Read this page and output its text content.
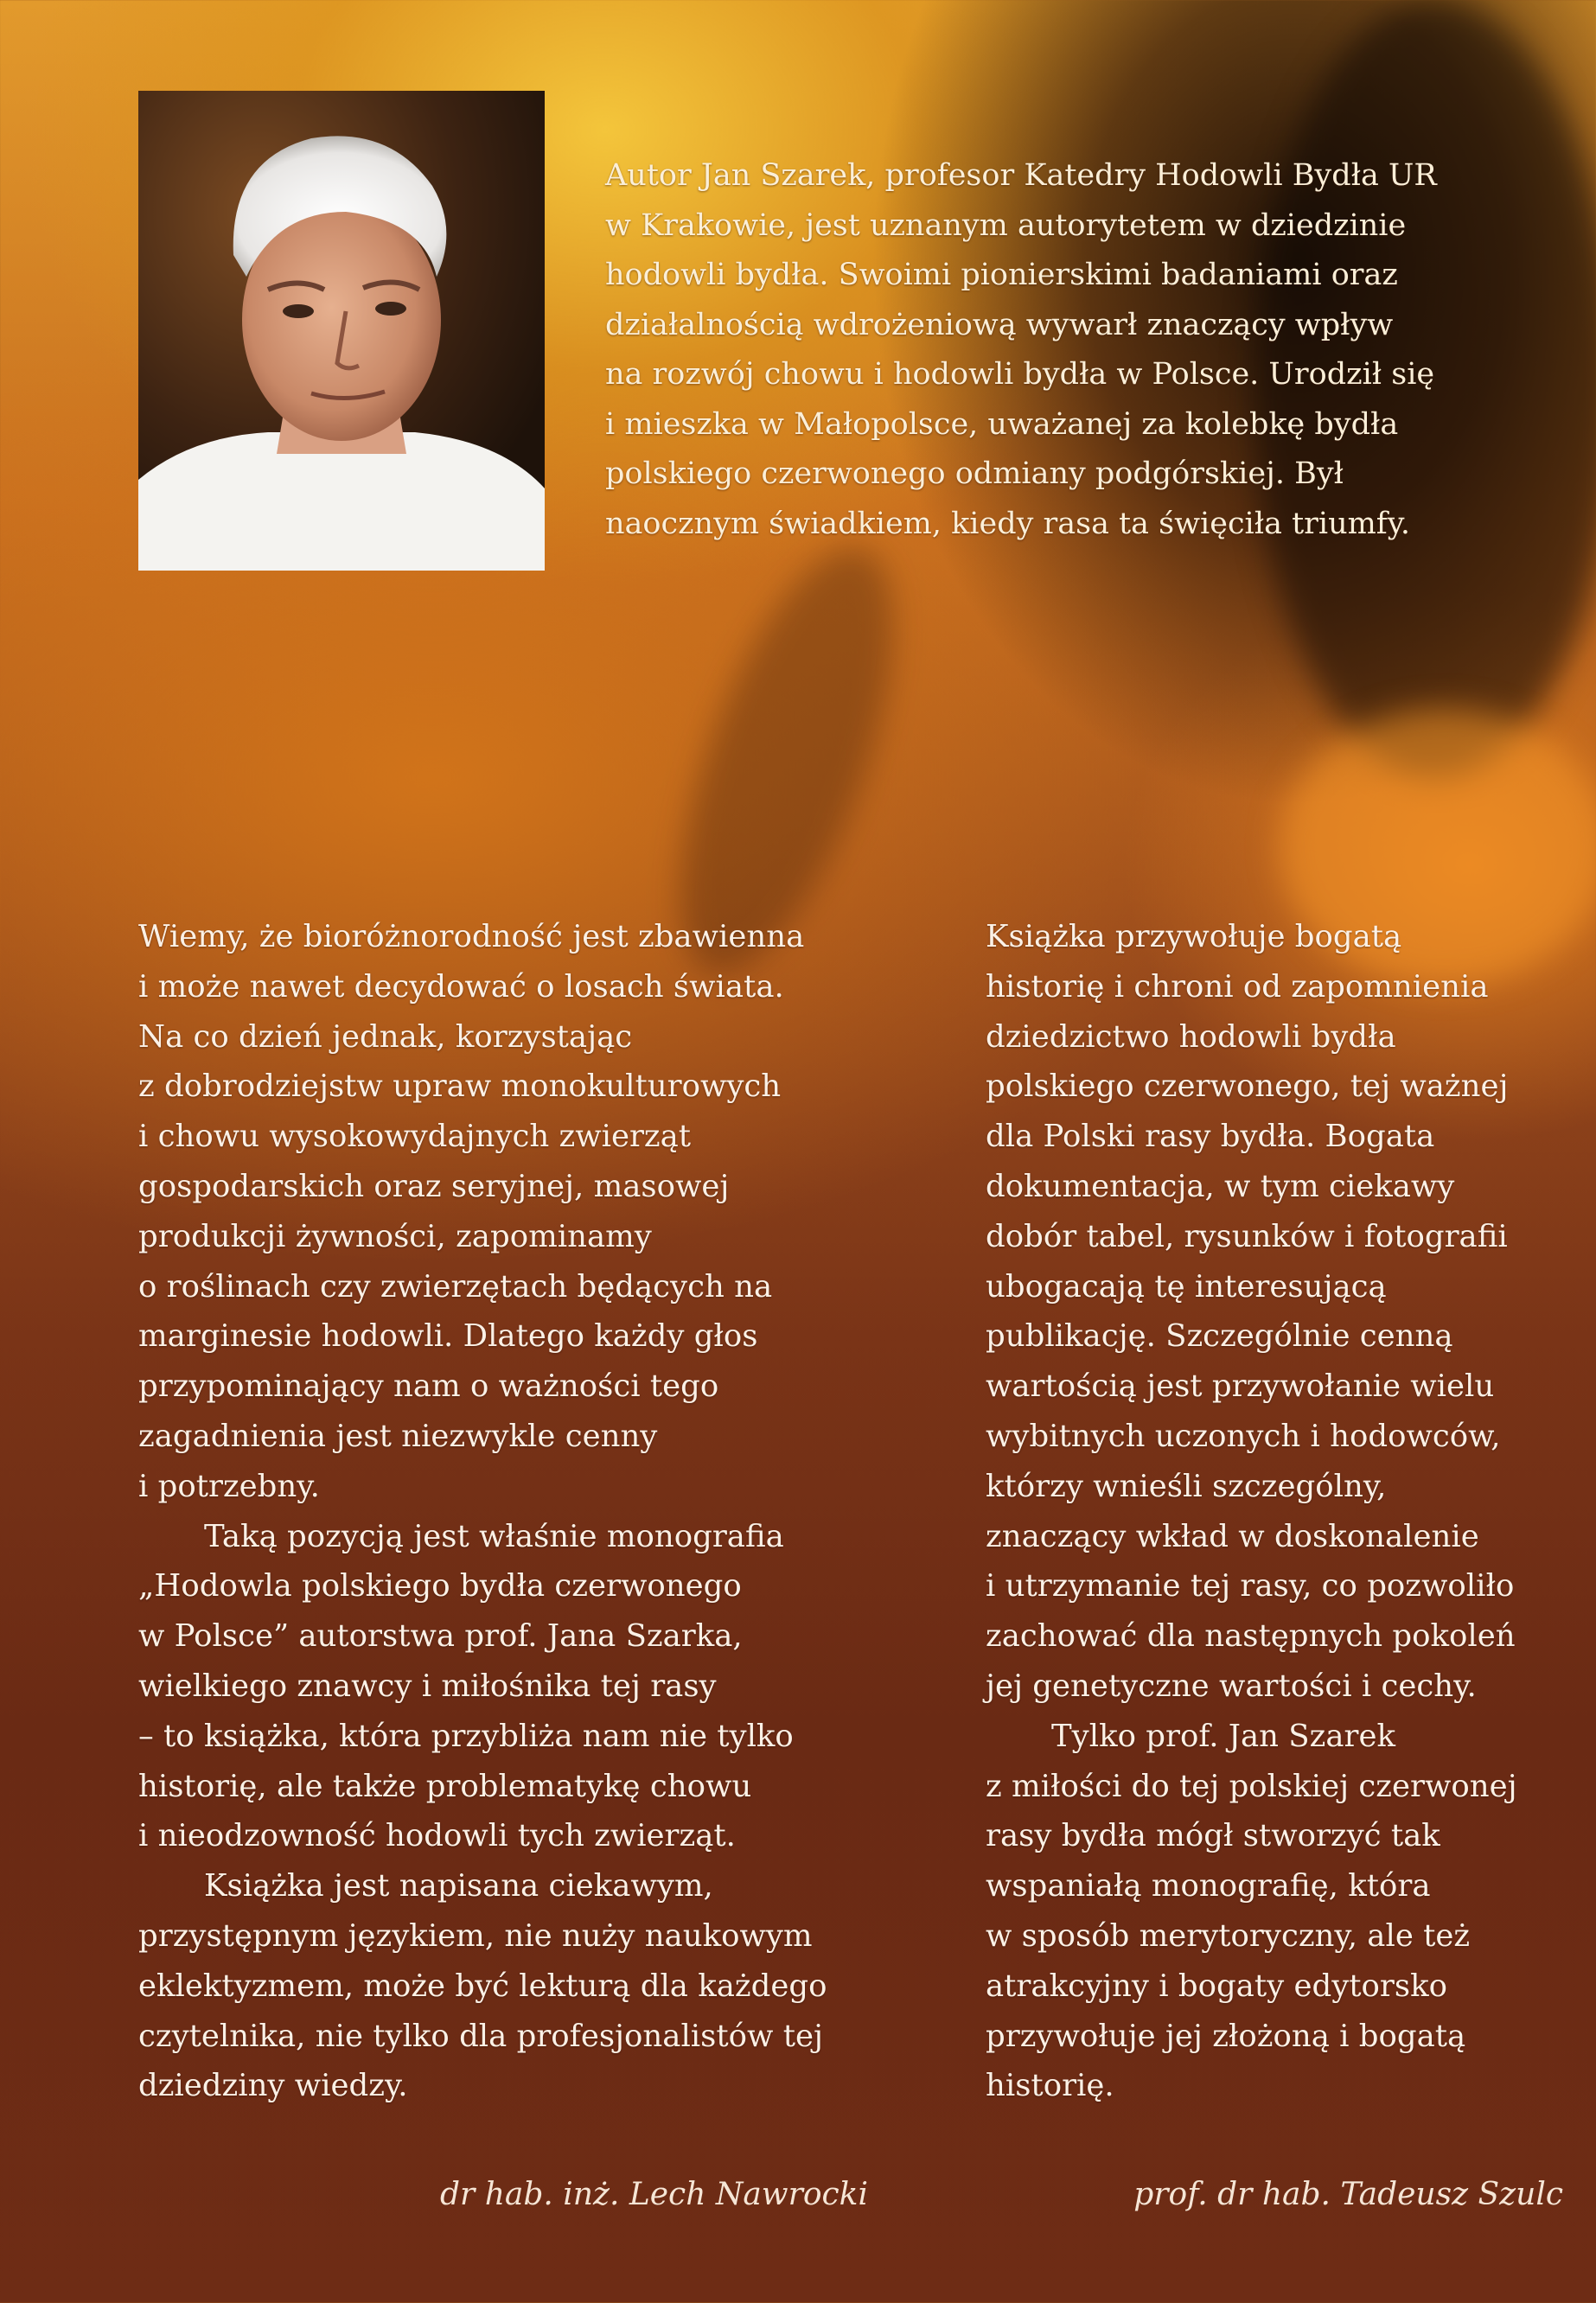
Autor Jan Szarek, profesor Katedry Hodowli Bydła UR
w Krakowie, jest uznanym autorytetem w dziedzinie
hodowli bydła. Swoimi pionierskimi badaniami oraz
działalnością wdrożeniową wywarł znaczący wpływ
na rozwój chowu i hodowli bydła w Polsce. Urodził się
i mieszka w Małopolsce, uważanej za kolebkę bydła
polskiego czerwonego odmiany podgórskiej. Był
naocznym świadkiem, kiedy rasa ta święciła triumfy.

Wiemy, że bioróżnorodność jest zbawienna
i może nawet decydować o losach świata.
Na co dzień jednak, korzystając
z dobrodziejstw upraw monokulturowych
i chowu wysokowydajnych zwierząt
gospodarskich oraz seryjnej, masowej
produkcji żywności, zapominamy
o roślinach czy zwierzętach będących na
marginesie hodowli. Dlatego każdy głos
przypominający nam o ważności tego
zagadnienia jest niezwykle cenny
i potrzebny.

Taką pozycją jest właśnie monografia
„Hodowla polskiego bydła czerwonego
w Polsce” autorstwa prof. Jana Szarka,
wielkiego znawcy i miłośnika tej rasy
– to książka, która przybliża nam nie tylko
historię, ale także problematykę chowu
i nieodzowność hodowli tych zwierząt.

Książka jest napisana ciekawym,
przystępnym językiem, nie nuży naukowym
eklektyzmem, może być lekturą dla każdego
czytelnika, nie tylko dla profesjonalistów tej
dziedziny wiedzy.

Książka przywołuje bogatą
historię i chroni od zapomnienia
dziedzictwo hodowli bydła
polskiego czerwonego, tej ważnej
dla Polski rasy bydła. Bogata
dokumentacja, w tym ciekawy
dobór tabel, rysunków i fotografii
ubogacają tę interesującą
publikację. Szczególnie cenną
wartością jest przywołanie wielu
wybitnych uczonych i hodowców,
którzy wnieśli szczególny,
znaczący wkład w doskonalenie
i utrzymanie tej rasy, co pozwoliło
zachować dla następnych pokoleń
jej genetyczne wartości i cechy.

Tylko prof. Jan Szarek
z miłości do tej polskiej czerwonej
rasy bydła mógł stworzyć tak
wspaniałą monografię, która
w sposób merytoryczny, ale też
atrakcyjny i bogaty edytorsko
przywołuje jej złożoną i bogatą
historię.

dr hab. inż. Lech Nawrocki	prof. dr hab. Tadeusz Szulc
